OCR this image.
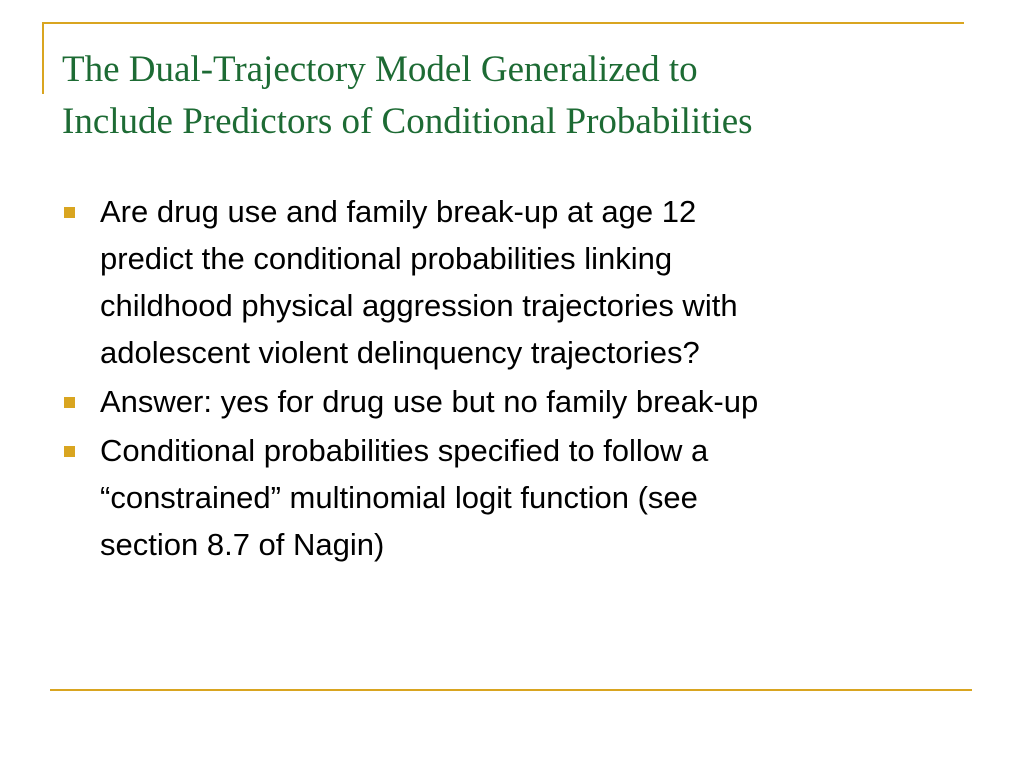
The Dual-Trajectory Model Generalized to
Include Predictors of Conditional Probabilities
Are drug use and family break-up at age 12
predict the conditional probabilities linking
childhood physical aggression trajectories with
adolescent violent delinquency trajectories?
Answer: yes for drug use but no family break-up
Conditional probabilities specified to follow a
“constrained” multinomial logit function (see
section 8.7 of Nagin)
